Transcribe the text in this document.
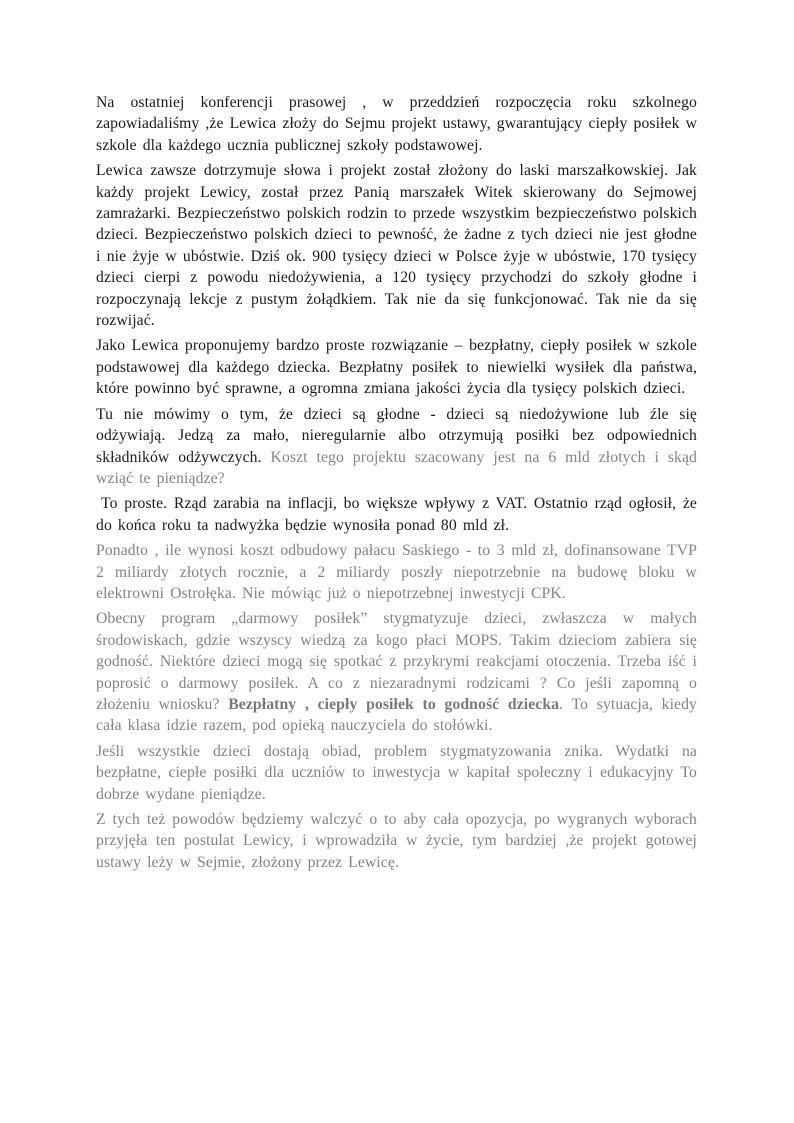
Na ostatniej konferencji prasowej , w przeddzień rozpoczęcia roku szkolnego zapowiadaliśmy ,że Lewica złoży do Sejmu projekt ustawy, gwarantujący ciepły posiłek w szkole dla każdego ucznia publicznej szkoły podstawowej.

Lewica zawsze dotrzymuje słowa i projekt został złożony do laski marszałkowskiej. Jak każdy projekt Lewicy, został przez Panią marszałek Witek skierowany do Sejmowej zamrażarki. Bezpieczeństwo polskich rodzin to przede wszystkim bezpieczeństwo polskich dzieci. Bezpieczeństwo polskich dzieci to pewność, że żadne z tych dzieci nie jest głodne i nie żyje w ubóstwie. Dziś ok. 900 tysięcy dzieci w Polsce żyje w ubóstwie, 170 tysięcy dzieci cierpi z powodu niedożywienia, a 120 tysięcy przychodzi do szkoły głodne i rozpoczynają lekcje z pustym żołądkiem. Tak nie da się funkcjonować. Tak nie da się rozwijać.

Jako Lewica proponujemy bardzo proste rozwiązanie – bezpłatny, ciepły posiłek w szkole podstawowej dla każdego dziecka. Bezpłatny posiłek to niewielki wysiłek dla państwa, które powinno być sprawne, a ogromna zmiana jakości życia dla tysięcy polskich dzieci.

Tu nie mówimy o tym, że dzieci są głodne - dzieci są niedożywione lub źle się odżywiają. Jedzą za mało, nieregularnie albo otrzymują posiłki bez odpowiednich składników odżywczych. Koszt tego projektu szacowany jest na 6 mld złotych i skąd wziąć te pieniądze?

To proste. Rząd zarabia na inflacji, bo większe wpływy z VAT. Ostatnio rząd ogłosił, że do końca roku ta nadwyżka będzie wynosiła ponad 80 mld zł.

Ponadto , ile wynosi koszt odbudowy pałacu Saskiego - to 3 mld zł, dofinansowane TVP 2 miliardy złotych rocznie, a 2 miliardy poszły niepotrzebnie na budowę bloku w elektrowni Ostrołęka. Nie mówiąc już o niepotrzebnej inwestycji CPK.

Obecny program „darmowy posiłek” stygmatyzuje dzieci, zwłaszcza w małych środowiskach, gdzie wszyscy wiedzą za kogo płaci MOPS. Takim dzieciom zabiera się godność. Niektóre dzieci mogą się spotkać z przykrymi reakcjami otoczenia. Trzeba iść i poprosić o darmowy posiłek. A co z niezaradnymi rodzicami ? Co jeśli zapomną o złożeniu wniosku? Bezpłatny , ciepły posiłek to godność dziecka. To sytuacja, kiedy cała klasa idzie razem, pod opieką nauczyciela do stołówki.

Jeśli wszystkie dzieci dostają obiad, problem stygmatyzowania znika. Wydatki na bezpłatne, ciepłe posiłki dla uczniów to inwestycja w kapitał społeczny i edukacyjny To dobrze wydane pieniądze.

Z tych też powodów będziemy walczyć o to aby cała opozycja, po wygranych wyborach przyjęła ten postulat Lewicy, i wprowadziła w życie, tym bardziej ,że projekt gotowej ustawy leży w Sejmie, złożony przez Lewicę.
